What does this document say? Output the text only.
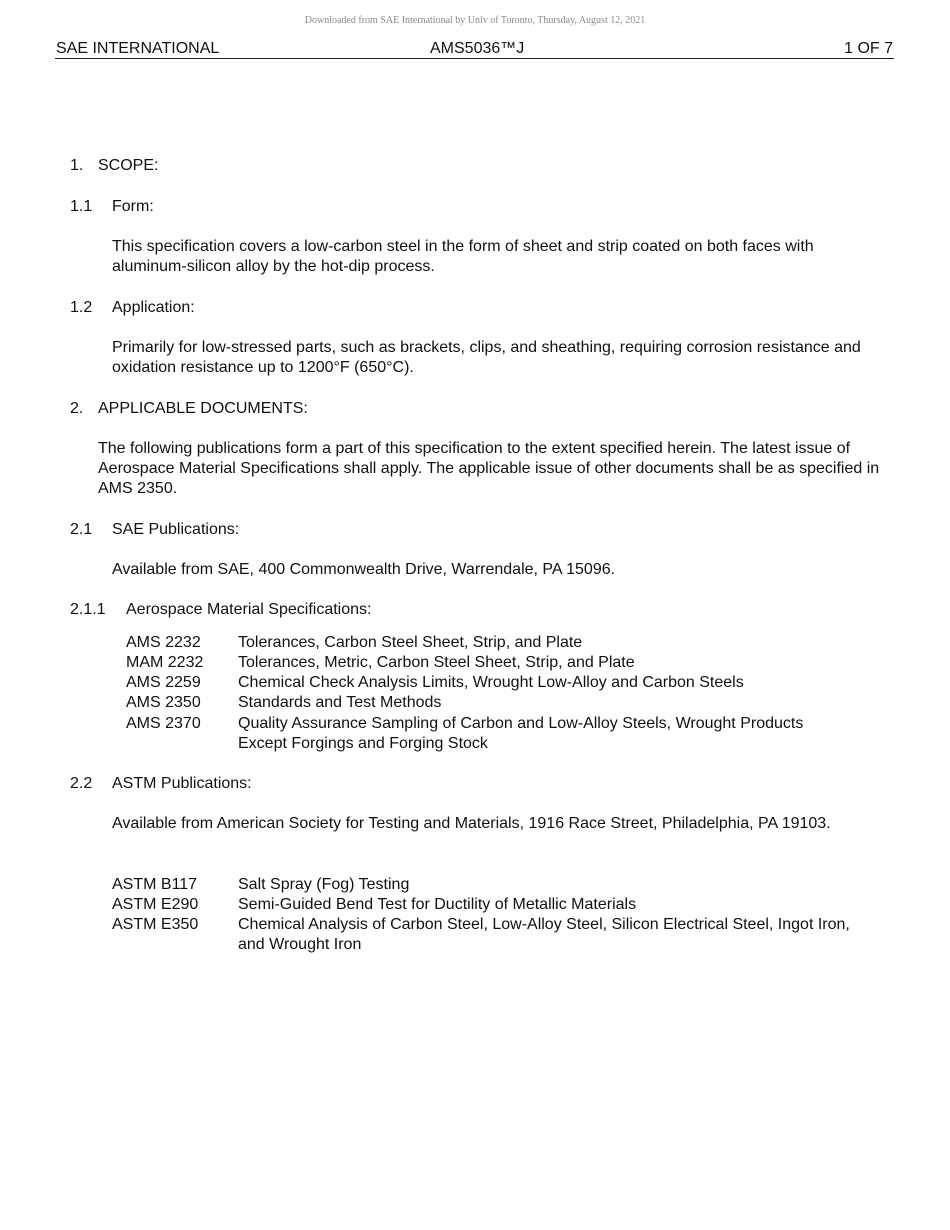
Downloaded from SAE International by Univ of Toronto, Thursday, August 12, 2021
SAE INTERNATIONAL	AMS5036™J	1 OF 7
1. SCOPE:
1.1 Form:
This specification covers a low-carbon steel in the form of sheet and strip coated on both faces with aluminum-silicon alloy by the hot-dip process.
1.2 Application:
Primarily for low-stressed parts, such as brackets, clips, and sheathing, requiring corrosion resistance and oxidation resistance up to 1200°F (650°C).
2. APPLICABLE DOCUMENTS:
The following publications form a part of this specification to the extent specified herein. The latest issue of Aerospace Material Specifications shall apply. The applicable issue of other documents shall be as specified in AMS 2350.
2.1 SAE Publications:
Available from SAE, 400 Commonwealth Drive, Warrendale, PA 15096.
2.1.1 Aerospace Material Specifications:
AMS 2232 Tolerances, Carbon Steel Sheet, Strip, and Plate
MAM 2232 Tolerances, Metric, Carbon Steel Sheet, Strip, and Plate
AMS 2259 Chemical Check Analysis Limits, Wrought Low-Alloy and Carbon Steels
AMS 2350 Standards and Test Methods
AMS 2370 Quality Assurance Sampling of Carbon and Low-Alloy Steels, Wrought Products Except Forgings and Forging Stock
2.2 ASTM Publications:
Available from American Society for Testing and Materials, 1916 Race Street, Philadelphia, PA 19103.
ASTM B117	Salt Spray (Fog) Testing
ASTM E290 Semi-Guided Bend Test for Ductility of Metallic Materials
ASTM E350 Chemical Analysis of Carbon Steel, Low-Alloy Steel, Silicon Electrical Steel, Ingot Iron, and Wrought Iron
